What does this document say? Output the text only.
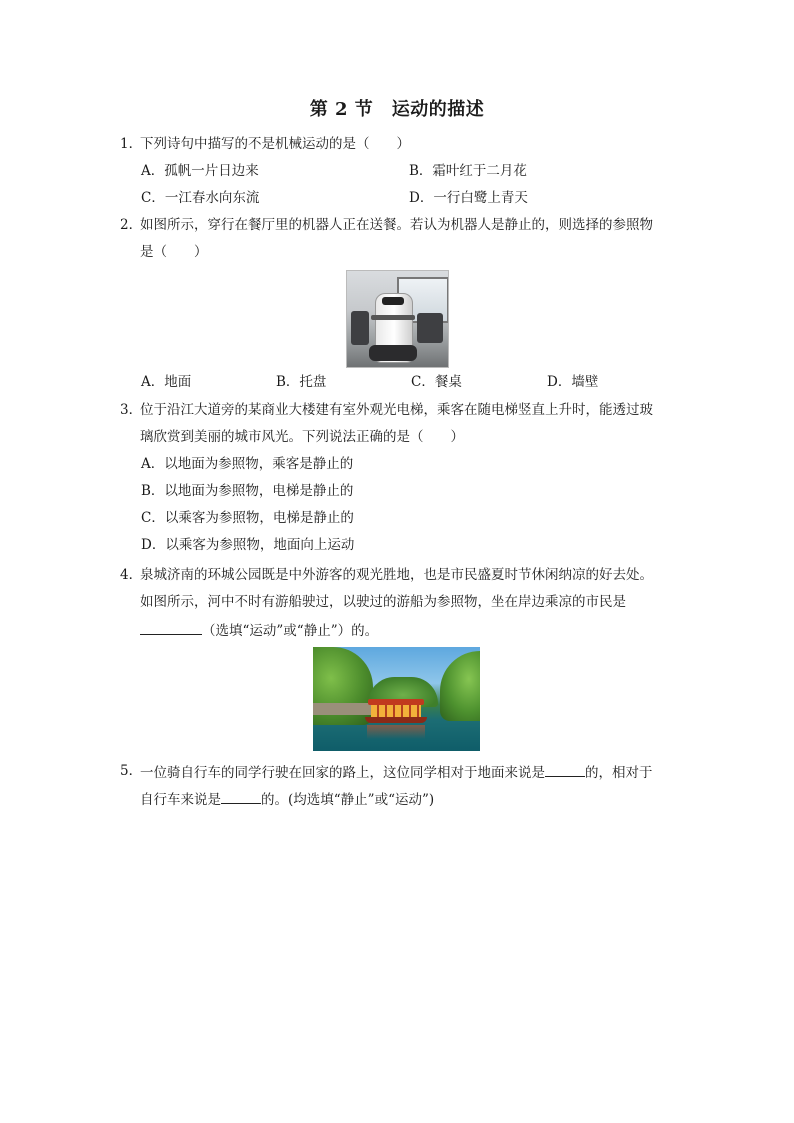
第 2 节　运动的描述
1．
下列诗句中描写的不是机械运动的是（　　）
A．孤帆一片日边来	B．霜叶红于二月花
C．一江春水向东流	D．一行白鹭上青天
2．
如图所示，穿行在餐厅里的机器人正在送餐。若认为机器人是静止的，则选择的参照物
是（　　）
A．地面	B．托盘	C．餐桌	D．墙壁
3．
位于沿江大道旁的某商业大楼建有室外观光电梯，乘客在随电梯竖直上升时，能透过玻
璃欣赏到美丽的城市风光。下列说法正确的是（　　）
A．以地面为参照物，乘客是静止的
B．以地面为参照物，电梯是静止的
C．以乘客为参照物，电梯是静止的
D．以乘客为参照物，地面向上运动
4．
泉城济南的环城公园既是中外游客的观光胜地，也是市民盛夏时节休闲纳凉的好去处。
如图所示，河中不时有游船驶过，以驶过的游船为参照物，坐在岸边乘凉的市民是
（选填“运动”或“静止”）的。
5．
一位骑自行车的同学行驶在回家的路上，这位同学相对于地面来说是	的，相对于
自行车来说是	的。(均选填“静止”或“运动”)
